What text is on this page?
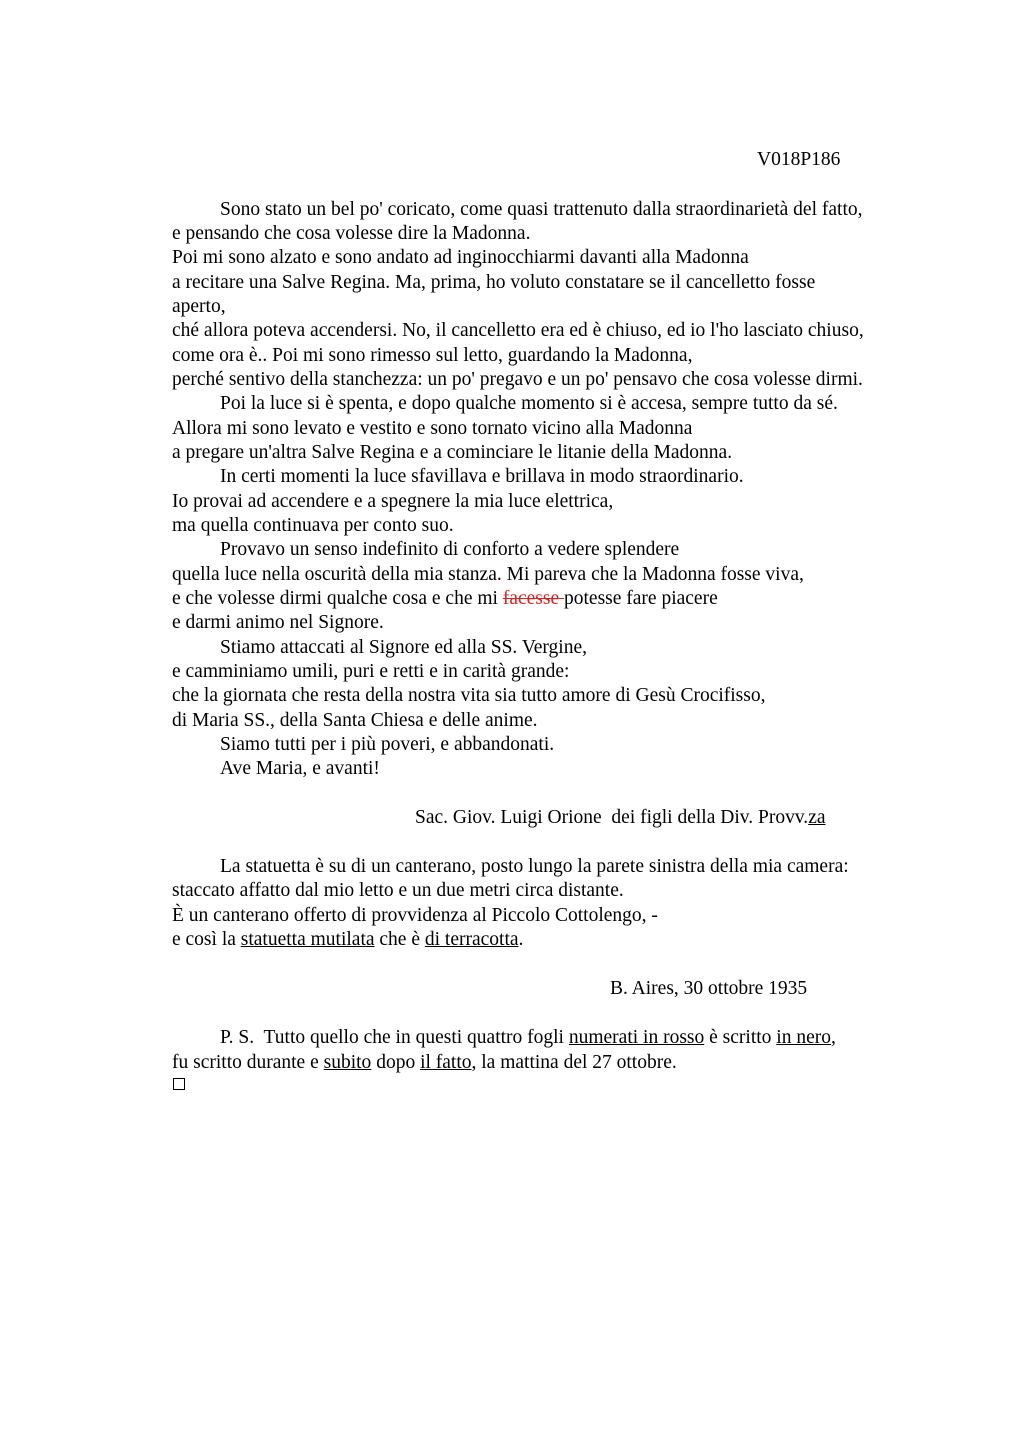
V018P186
Sono stato un bel po' coricato, come quasi trattenuto dalla straordinarietà del fatto,
e pensando che cosa volesse dire la Madonna.
Poi mi sono alzato e sono andato ad inginocchiarmi davanti alla Madonna
a recitare una Salve Regina. Ma, prima, ho voluto constatare se il cancelletto fosse
aperto,
ché allora poteva accendersi. No, il cancelletto era ed è chiuso, ed io l'ho lasciato chiuso,
come ora è.. Poi mi sono rimesso sul letto, guardando la Madonna,
perché sentivo della stanchezza: un po' pregavo e un po' pensavo che cosa volesse dirmi.
Poi la luce si è spenta, e dopo qualche momento si è accesa, sempre tutto da sé.
Allora mi sono levato e vestito e sono tornato vicino alla Madonna
a pregare un'altra Salve Regina e a cominciare le litanie della Madonna.
In certi momenti la luce sfavillava e brillava in modo straordinario.
Io provai ad accendere e a spegnere la mia luce elettrica,
ma quella continuava per conto suo.
Provavo un senso indefinito di conforto a vedere splendere
quella luce nella oscurità della mia stanza. Mi pareva che la Madonna fosse viva,
e che volesse dirmi qualche cosa e che mi facesse potesse fare piacere
e darmi animo nel Signore.
Stiamo attaccati al Signore ed alla SS. Vergine,
e camminiamo umili, puri e retti e in carità grande:
che la giornata che resta della nostra vita sia tutto amore di Gesù Crocifisso,
di Maria SS., della Santa Chiesa e delle anime.
Siamo tutti per i più poveri, e abbandonati.
Ave Maria, e avanti!
Sac. Giov. Luigi Orione  dei figli della Div. Provv.za
La statuetta è su di un canterano, posto lungo la parete sinistra della mia camera:
staccato affatto dal mio letto e un due metri circa distante.
È un canterano offerto di provvidenza al Piccolo Cottolengo, -
e così la statuetta mutilata che è di terracotta.
B. Aires, 30 ottobre 1935
P. S.  Tutto quello che in questi quattro fogli numerati in rosso è scritto in nero,
fu scritto durante e subito dopo il fatto, la mattina del 27 ottobre.
